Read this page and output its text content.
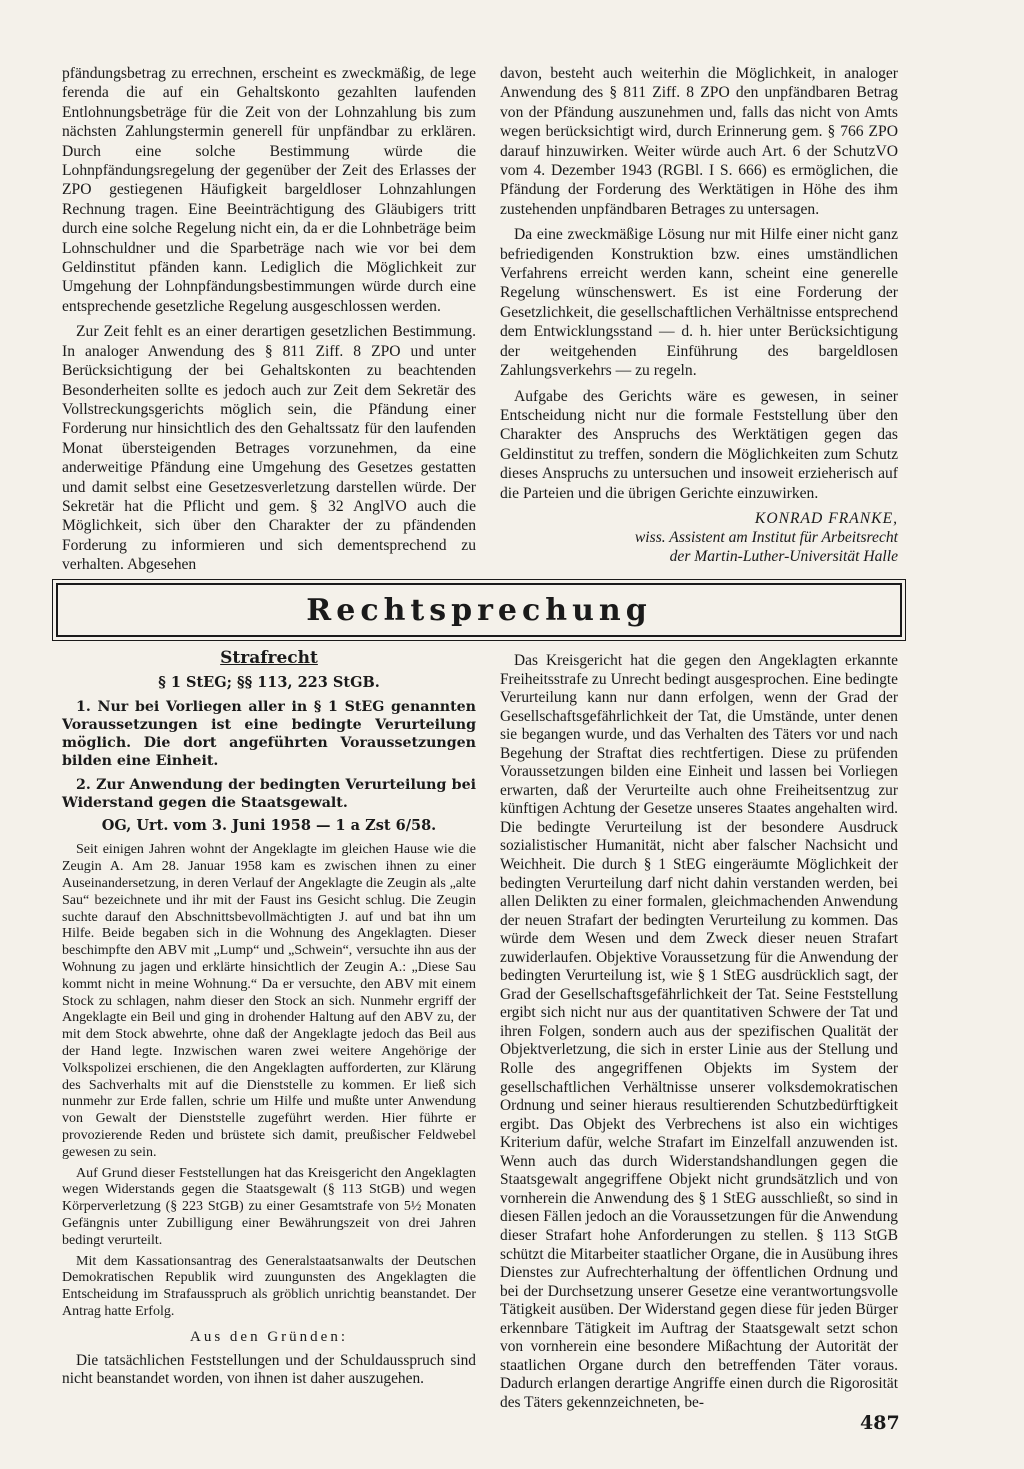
pfändungsbetrag zu errechnen, erscheint es zweckmäßig, de lege ferenda die auf ein Gehaltskonto gezahlten laufenden Entlohnungsbeträge für die Zeit von der Lohnzahlung bis zum nächsten Zahlungstermin generell für unpfändbar zu erklären. Durch eine solche Bestimmung würde die Lohnpfändungsregelung der gegenüber der Zeit des Erlasses der ZPO gestiegenen Häufigkeit bargeldloser Lohnzahlungen Rechnung tragen. Eine Beeinträchtigung des Gläubigers tritt durch eine solche Regelung nicht ein, da er die Lohnbeträge beim Lohnschuldner und die Sparbeträge nach wie vor bei dem Geldinstitut pfänden kann. Lediglich die Möglichkeit zur Umgehung der Lohnpfändungsbestimmungen würde durch eine entsprechende gesetzliche Regelung ausgeschlossen werden.

Zur Zeit fehlt es an einer derartigen gesetzlichen Bestimmung. In analoger Anwendung des § 811 Ziff. 8 ZPO und unter Berücksichtigung der bei Gehaltskonten zu beachtenden Besonderheiten sollte es jedoch auch zur Zeit dem Sekretär des Vollstreckungsgerichts möglich sein, die Pfändung einer Forderung nur hinsichtlich des den Gehaltssatz für den laufenden Monat übersteigenden Betrages vorzunehmen, da eine anderweitige Pfändung eine Umgehung des Gesetzes gestatten und damit selbst eine Gesetzesverletzung darstellen würde. Der Sekretär hat die Pflicht und gem. § 32 AnglVO auch die Möglichkeit, sich über den Charakter der zu pfändenden Forderung zu informieren und sich dementsprechend zu verhalten. Abgesehen

davon, besteht auch weiterhin die Möglichkeit, in analoger Anwendung des § 811 Ziff. 8 ZPO den unpfändbaren Betrag von der Pfändung auszunehmen und, falls das nicht von Amts wegen berücksichtigt wird, durch Erinnerung gem. § 766 ZPO darauf hinzuwirken. Weiter würde auch Art. 6 der SchutzVO vom 4. Dezember 1943 (RGBl. I S. 666) es ermöglichen, die Pfändung der Forderung des Werktätigen in Höhe des ihm zustehenden unpfändbaren Betrages zu untersagen.

Da eine zweckmäßige Lösung nur mit Hilfe einer nicht ganz befriedigenden Konstruktion bzw. eines umständlichen Verfahrens erreicht werden kann, scheint eine generelle Regelung wünschenswert. Es ist eine Forderung der Gesetzlichkeit, die gesellschaftlichen Verhältnisse entsprechend dem Entwicklungsstand — d. h. hier unter Berücksichtigung der weitgehenden Einführung des bargeldlosen Zahlungsverkehrs — zu regeln.

Aufgabe des Gerichts wäre es gewesen, in seiner Entscheidung nicht nur die formale Feststellung über den Charakter des Anspruchs des Werktätigen gegen das Geldinstitut zu treffen, sondern die Möglichkeiten zum Schutz dieses Anspruchs zu untersuchen und insoweit erzieherisch auf die Parteien und die übrigen Gerichte einzuwirken.

KONRAD FRANKE,
wiss. Assistent am Institut für Arbeitsrecht
der Martin-Luther-Universität Halle
Rechtsprechung
Strafrecht
§ 1 StEG; §§ 113, 223 StGB.

1. Nur bei Vorliegen aller in § 1 StEG genannten Voraussetzungen ist eine bedingte Verurteilung möglich. Die dort angeführten Voraussetzungen bilden eine Einheit.

2. Zur Anwendung der bedingten Verurteilung bei Widerstand gegen die Staatsgewalt.

OG, Urt. vom 3. Juni 1958 — 1 a Zst 6/58.

Seit einigen Jahren wohnt der Angeklagte im gleichen Hause wie die Zeugin A. Am 28. Januar 1958 kam es zwischen ihnen zu einer Auseinandersetzung, in deren Verlauf der Angeklagte die Zeugin als „alte Sau“ bezeichnete und ihr mit der Faust ins Gesicht schlug. Die Zeugin suchte darauf den Abschnittsbevollmächtigten J. auf und bat ihn um Hilfe. Beide begaben sich in die Wohnung des Angeklagten. Dieser beschimpfte den ABV mit „Lump“ und „Schwein“, versuchte ihn aus der Wohnung zu jagen und erklärte hinsichtlich der Zeugin A.: „Diese Sau kommt nicht in meine Wohnung.“ Da er versuchte, den ABV mit einem Stock zu schlagen, nahm dieser den Stock an sich. Nunmehr ergriff der Angeklagte ein Beil und ging in drohender Haltung auf den ABV zu, der mit dem Stock abwehrte, ohne daß der Angeklagte jedoch das Beil aus der Hand legte. Inzwischen waren zwei weitere Angehörige der Volkspolizei erschienen, die den Angeklagten aufforderten, zur Klärung des Sachverhalts mit auf die Dienststelle zu kommen. Er ließ sich nunmehr zur Erde fallen, schrie um Hilfe und mußte unter Anwendung von Gewalt der Dienststelle zugeführt werden. Hier führte er provozierende Reden und brüstete sich damit, preußischer Feldwebel gewesen zu sein.

Auf Grund dieser Feststellungen hat das Kreisgericht den Angeklagten wegen Widerstands gegen die Staatsgewalt (§ 113 StGB) und wegen Körperverletzung (§ 223 StGB) zu einer Gesamtstrafe von 5½ Monaten Gefängnis unter Zubilligung einer Bewährungszeit von drei Jahren bedingt verurteilt.

Mit dem Kassationsantrag des Generalstaatsanwalts der Deutschen Demokratischen Republik wird zuungunsten des Angeklagten die Entscheidung im Strafausspruch als gröblich unrichtig beanstandet. Der Antrag hatte Erfolg.

Aus den Gründen:

Die tatsächlichen Feststellungen und der Schuldausspruch sind nicht beanstandet worden, von ihnen ist daher auszugehen.

Das Kreisgericht hat die gegen den Angeklagten erkannte Freiheitsstrafe zu Unrecht bedingt ausgesprochen. Eine bedingte Verurteilung kann nur dann erfolgen, wenn der Grad der Gesellschaftsgefährlichkeit der Tat, die Umstände, unter denen sie begangen wurde, und das Verhalten des Täters vor und nach Begehung der Straftat dies rechtfertigen. Diese zu prüfenden Voraussetzungen bilden eine Einheit und lassen bei Vorliegen erwarten, daß der Verurteilte auch ohne Freiheitsentzug zur künftigen Achtung der Gesetze unseres Staates angehalten wird. Die bedingte Verurteilung ist der besondere Ausdruck sozialistischer Humanität, nicht aber falscher Nachsicht und Weichheit. Die durch § 1 StEG eingeräumte Möglichkeit der bedingten Verurteilung darf nicht dahin verstanden werden, bei allen Delikten zu einer formalen, gleichmachenden Anwendung der neuen Strafart der bedingten Verurteilung zu kommen. Das würde dem Wesen und dem Zweck dieser neuen Strafart zuwiderlaufen. Objektive Voraussetzung für die Anwendung der bedingten Verurteilung ist, wie § 1 StEG ausdrücklich sagt, der Grad der Gesellschaftsgefährlichkeit der Tat. Seine Feststellung ergibt sich nicht nur aus der quantitativen Schwere der Tat und ihren Folgen, sondern auch aus der spezifischen Qualität der Objektverletzung, die sich in erster Linie aus der Stellung und Rolle des angegriffenen Objekts im System der gesellschaftlichen Verhältnisse unserer volksdemokratischen Ordnung und seiner hieraus resultierenden Schutzbedürftigkeit ergibt. Das Objekt des Verbrechens ist also ein wichtiges Kriterium dafür, welche Strafart im Einzelfall anzuwenden ist. Wenn auch das durch Widerstandshandlungen gegen die Staatsgewalt angegriffene Objekt nicht grundsätzlich und von vornherein die Anwendung des § 1 StEG ausschließt, so sind in diesen Fällen jedoch an die Voraussetzungen für die Anwendung dieser Strafart hohe Anforderungen zu stellen. § 113 StGB schützt die Mitarbeiter staatlicher Organe, die in Ausübung ihres Dienstes zur Aufrechterhaltung der öffentlichen Ordnung und bei der Durchsetzung unserer Gesetze eine verantwortungsvolle Tätigkeit ausüben. Der Widerstand gegen diese für jeden Bürger erkennbare Tätigkeit im Auftrag der Staatsgewalt setzt schon von vornherein eine besondere Mißachtung der Autorität der staatlichen Organe durch den betreffenden Täter voraus. Dadurch erlangen derartige Angriffe einen durch die Rigorosität des Täters gekennzeichneten, be-

487
